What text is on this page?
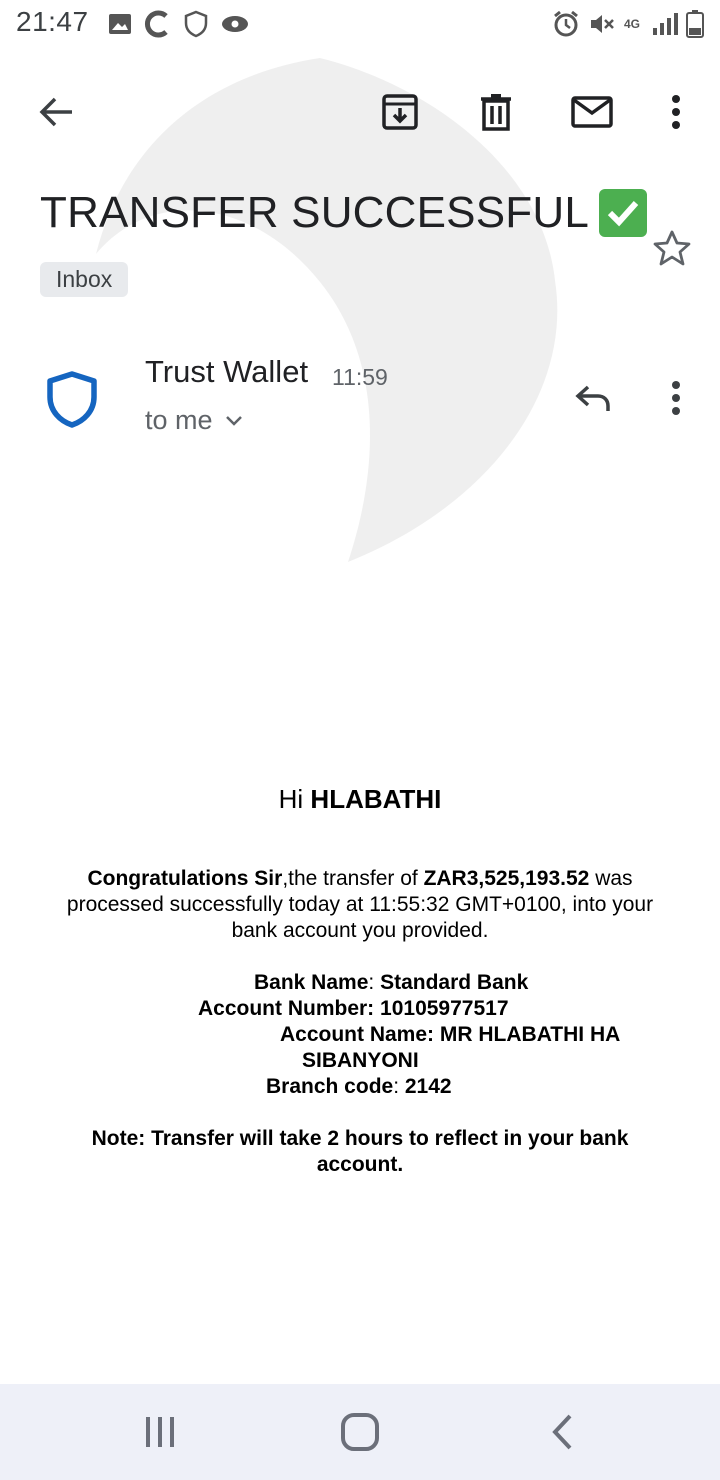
21:47	4G
TRANSFER SUCCESSFUL
Inbox
Trust Wallet 11:59
to me
Hi HLABATHI
Congratulations Sir,the transfer of ZAR3,525,193.52 was processed successfully today at 11:55:32 GMT+0100, into your bank account you provided.
Bank Name: Standard Bank
Account Number: 10105977517
Account Name: MR HLABATHI HA
SIBANYONI
Branch code: 2142
Note: Transfer will take 2 hours to reflect in your bank account.
